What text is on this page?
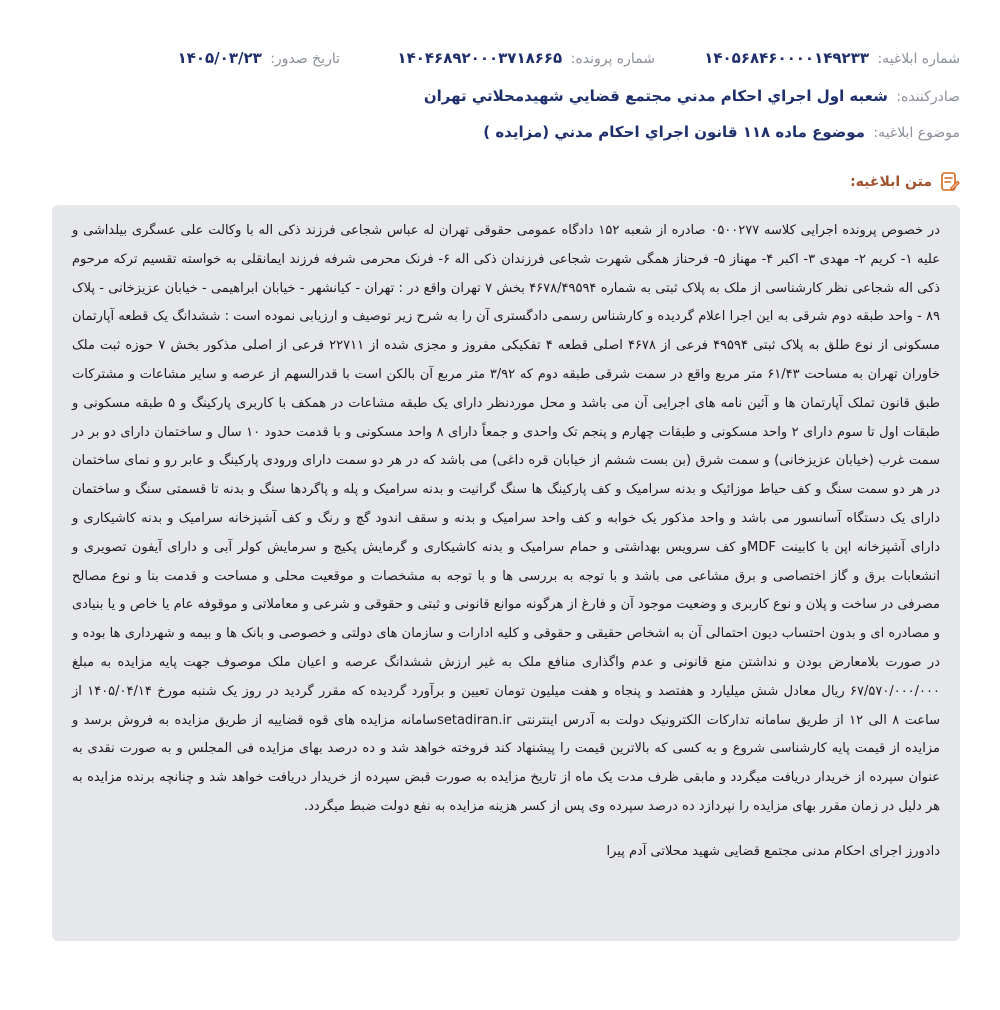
شماره ابلاغيه: ۱۴۰۵۶۸۴۶۰۰۰۰۱۴۹۲۳۳
شماره پرونده: ۱۴۰۴۶۸۹۲۰۰۰۳۷۱۸۶۶۵
تاريخ صدور: ۱۴۰۵/۰۳/۲۳
صادرکننده: شعبه اول اجراي احكام مدني مجتمع قضايي شهيدمحلاتي تهران
موضوع ابلاغيه: موضوع ماده ۱۱۸ قانون اجراي احكام مدني (مزايده )
متن ابلاغيه:

در خصوص پرونده اجرایی کلاسه ۰۵۰۰۲۷۷ صادره از شعبه ۱۵۲ دادگاه عمومی حقوقی تهران له عباس شجاعی فرزند ذکی اله با وکالت علی عسگری بیلداشی و علیه ۱- کریم ۲- مهدی ۳- اکبر ۴- مهناز ۵- فرحناز همگی شهرت شجاعی فرزندان ذکی اله ۶- فرنک محرمی شرفه فرزند ایمانقلی به خواسته تقسیم ترکه مرحوم ذکی اله شجاعی نظر کارشناسی از ملک به پلاک ثبتی به شماره ۴۶۷۸/۴۹۵۹۴ بخش ۷ تهران واقع در : تهران - کیانشهر - خیابان ابراهیمی - خیابان عزیزخانی - پلاک ۸۹ - واحد طبقه دوم شرقی به این اجرا اعلام گردیده و کارشناس رسمی دادگستری آن را به شرح زیر توصیف و ارزیابی نموده است : ششدانگ یک قطعه آپارتمان مسکونی از نوع طلق به پلاک ثبتی ۴۹۵۹۴ فرعی از ۴۶۷۸ اصلی قطعه ۴ تفکیکی مفروز و مجزی شده از ۲۲۷۱۱ فرعی از اصلی مذکور بخش ۷ حوزه ثبت ملک خاوران تهران به مساحت ۶۱/۴۳ متر مربع واقع در سمت شرقی طبقه دوم که ۳/۹۲ متر مربع آن بالکن است با قدرالسهم از عرصه و سایر مشاعات و مشترکات طبق قانون تملک آپارتمان ها و آئین نامه های اجرایی آن می باشد و محل موردنظر دارای یک طبقه مشاعات در همکف با کاربری پارکینگ و ۵ طبقه مسکونی و طبقات اول تا سوم دارای ۲ واحد مسکونی و طبقات چهارم و پنجم تک واحدی و جمعاً دارای ۸ واحد مسکونی و با قدمت حدود ۱۰ سال و ساختمان دارای دو بر در سمت غرب (خیابان عزیزخانی) و سمت شرق (بن بست ششم از خیابان قره داغی) می باشد که در هر دو سمت دارای ورودی پارکینگ و عابر رو و نمای ساختمان در هر دو سمت سنگ و کف حیاط موزائیک و بدنه سرامیک و کف پارکینگ ها سنگ گرانیت و بدنه سرامیک و پله و پاگردها سنگ و بدنه تا قسمتی سنگ و ساختمان دارای یک دستگاه آسانسور می باشد و واحد مذکور یک خوابه و کف واحد سرامیک و بدنه و سقف اندود گچ و رنگ و کف آشپزخانه سرامیک و بدنه کاشیکاری و دارای آشپزخانه اپن با کابینت MDFو کف سرویس بهداشتی و حمام سرامیک و بدنه کاشیکاری و گرمایش پکیج و سرمایش کولر آبی و دارای آیفون تصویری و انشعابات برق و گاز اختصاصی و برق مشاعی می باشد و با توجه به بررسی ها و با توجه به مشخصات و موقعیت محلی و مساحت و قدمت بنا و نوع مصالح مصرفی در ساخت و پلان و نوع کاربری و وضعیت موجود آن و فارغ از هرگونه موانع قانونی و ثبتی و حقوقی و شرعی و معاملاتی و موقوفه عام یا خاص و یا بنیادی و مصادره ای و بدون احتساب دیون احتمالی آن به اشخاص حقیقی و حقوقی و کلیه ادارات و سازمان های دولتی و خصوصی و بانک ها و بیمه و شهرداری ها بوده و در صورت بلامعارض بودن و نداشتن منع قانونی و عدم واگذاری منافع ملک به غیر ارزش ششدانگ عرصه و اعیان ملک موصوف جهت پایه مزایده به مبلغ ۶۷/۵۷۰/۰۰۰/۰۰۰ ریال معادل شش میلیارد و هفتصد و پنجاه و هفت میلیون تومان تعیین و برآورد گردیده که مقرر گردید در روز یک شنبه مورخ ۱۴۰۵/۰۴/۱۴ از ساعت ۸ الی ۱۲ از طریق سامانه تدارکات الکترونیک دولت به آدرس اینترنتی setadiran.irسامانه مزایده های قوه قضاییه از طریق مزایده به فروش برسد و مزایده از قیمت پایه کارشناسی شروع و به کسی که بالاترین قیمت را پیشنهاد کند فروخته خواهد شد و ده درصد بهای مزایده فی المجلس و به صورت نقدی به عنوان سپرده از خریدار دریافت میگردد و مابقی ظرف مدت یک ماه از تاریخ مزایده به صورت قبض سپرده از خریدار دریافت خواهد شد و چنانچه برنده مزایده به هر دلیل در زمان مقرر بهای مزایده را نپردازد ده درصد سپرده وی پس از کسر هزینه مزایده به نفع دولت ضبط میگردد.

دادورز اجرای احکام مدنی مجتمع قضایی شهید محلاتی آدم پیرا
